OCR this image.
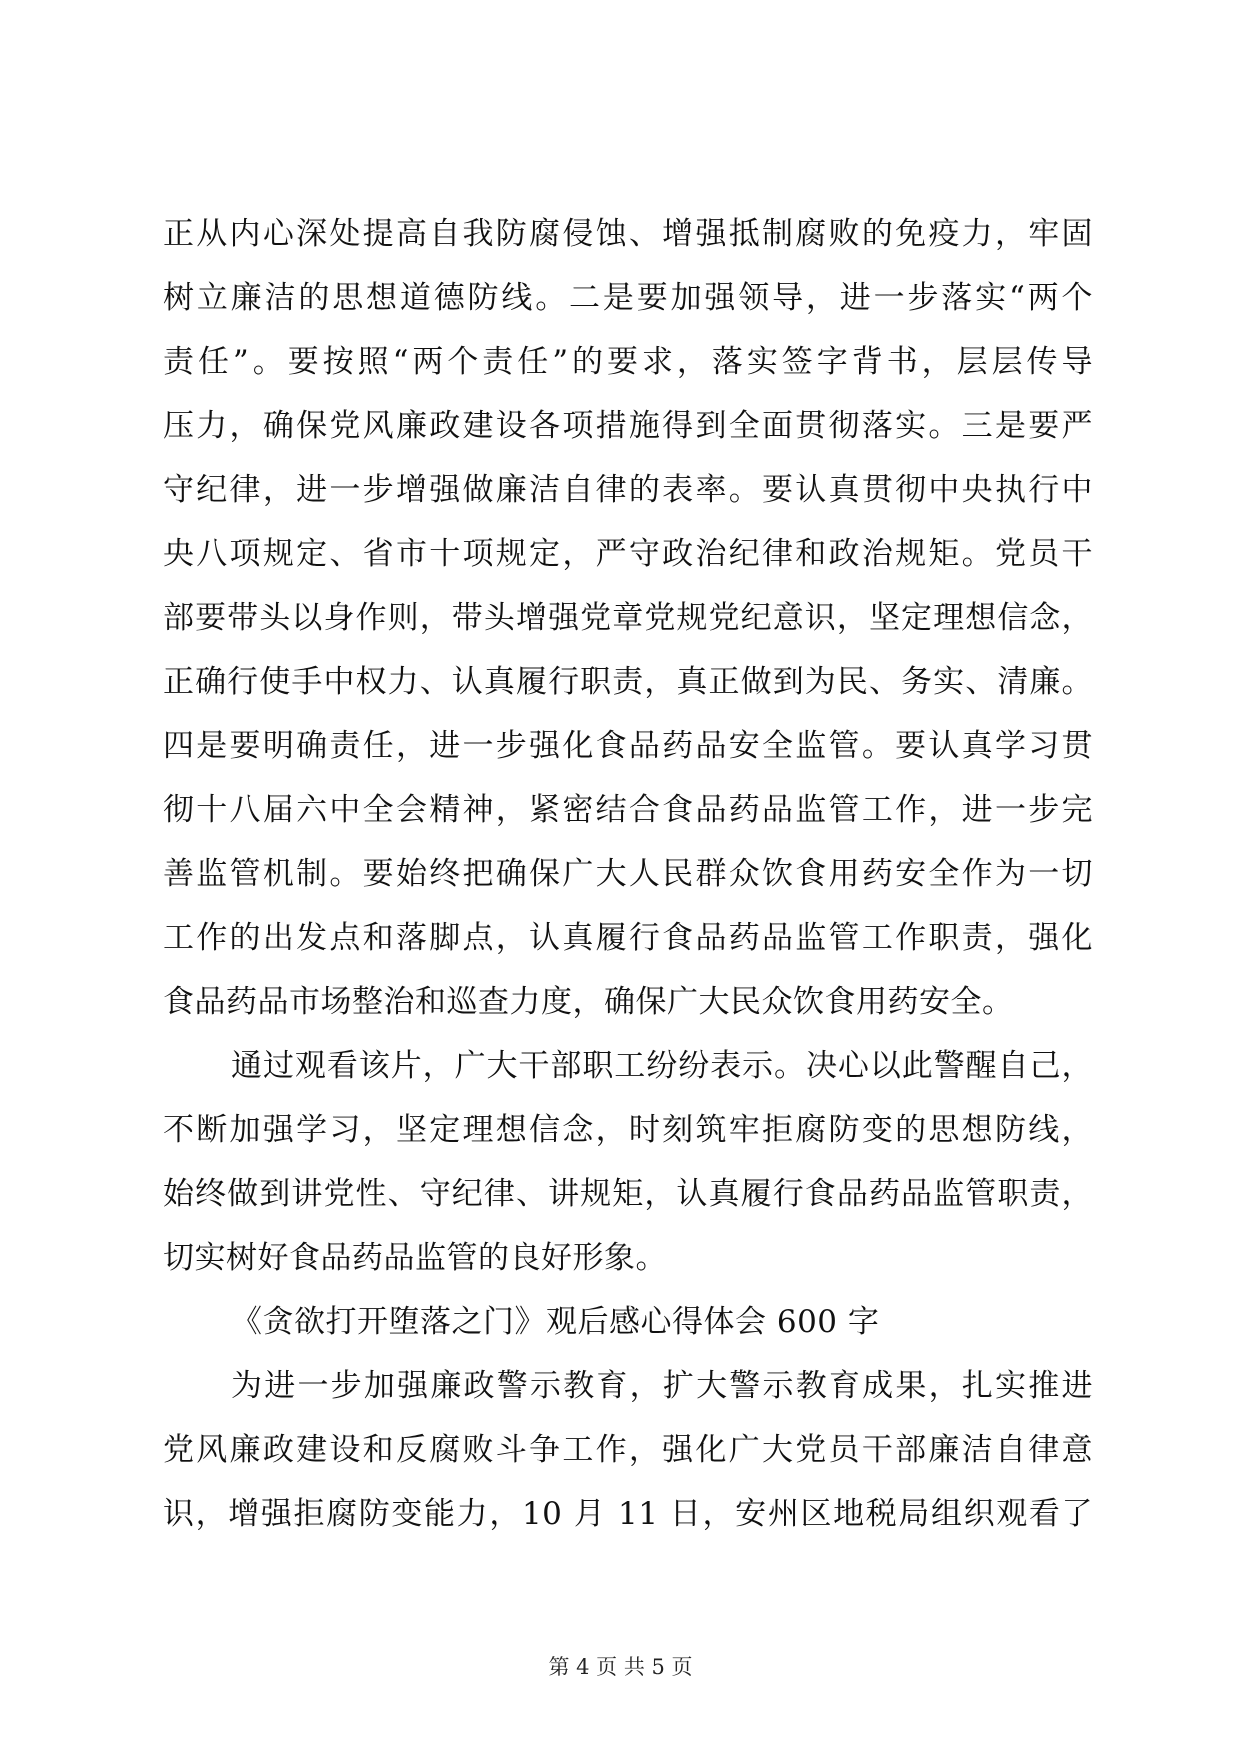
正从内心深处提高自我防腐侵蚀、增强抵制腐败的免疫力，牢固
树立廉洁的思想道德防线。二是要加强领导，进一步落实“两个
责任”。要按照“两个责任”的要求，落实签字背书，层层传导
压力，确保党风廉政建设各项措施得到全面贯彻落实。三是要严
守纪律，进一步增强做廉洁自律的表率。要认真贯彻中央执行中
央八项规定、省市十项规定，严守政治纪律和政治规矩。党员干
部要带头以身作则，带头增强党章党规党纪意识，坚定理想信念，
正确行使手中权力、认真履行职责，真正做到为民、务实、清廉。
四是要明确责任，进一步强化食品药品安全监管。要认真学习贯
彻十八届六中全会精神，紧密结合食品药品监管工作，进一步完
善监管机制。要始终把确保广大人民群众饮食用药安全作为一切
工作的出发点和落脚点，认真履行食品药品监管工作职责，强化
食品药品市场整治和巡查力度，确保广大民众饮食用药安全。
通过观看该片，广大干部职工纷纷表示。决心以此警醒自己，
不断加强学习，坚定理想信念，时刻筑牢拒腐防变的思想防线，
始终做到讲党性、守纪律、讲规矩，认真履行食品药品监管职责，
切实树好食品药品监管的良好形象。
《贪欲打开堕落之门》观后感心得体会 600 字
为进一步加强廉政警示教育，扩大警示教育成果，扎实推进
党风廉政建设和反腐败斗争工作，强化广大党员干部廉洁自律意
识，增强拒腐防变能力，10 月 11 日，安州区地税局组织观看了
第 4 页 共 5 页
